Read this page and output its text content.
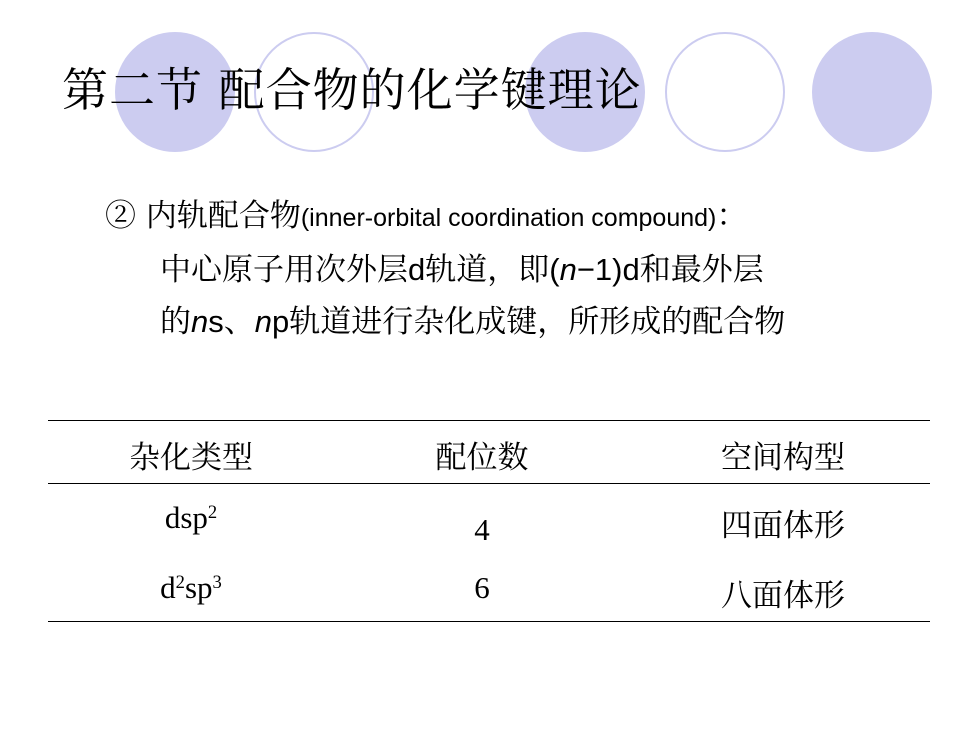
第二节 配合物的化学键理论
② 内轨配合物(inner-orbital coordination compound)：
中心原子用次外层d轨道，即(n−1)d和最外层
的ns、np轨道进行杂化成键，所形成的配合物
杂化类型	配位数	空间构型
dsp$^2$	4	四面体形
$d^2sp^3$	6	八面体形
